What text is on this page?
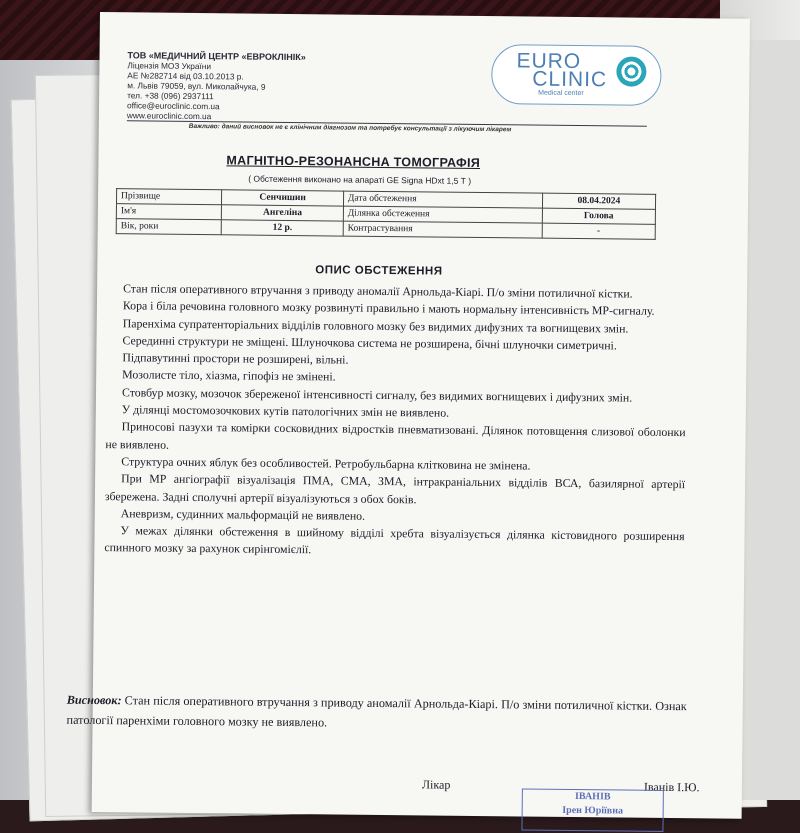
ТОВ «МЕДИЧНИЙ ЦЕНТР «ЕВРОКЛІНІК»
Ліцензія МОЗ України
АЕ №282714 від 03.10.2013 р.
м. Львів 79059, вул. Миколайчука, 9
тел. +38 (096) 2937111
office@euroclinic.com.ua
www.euroclinic.com.ua
EURO
CLINIC
Medical center
Важливо: даний висновок не є клінічним діагнозом та потребує консультації з лікуючим лікарем
МАГНІТНО-РЕЗОНАНСНА ТОМОГРАФІЯ
( Обстеження виконано на апараті GE Signa HDxt 1,5 Т )
Прізвище	Сенчишин	Дата обстеження	08.04.2024
Ім'я	Ангеліна	Ділянка обстеження	Голова
Вік, роки	12 р.	Контрастування	-
ОПИС ОБСТЕЖЕННЯ

Стан після оперативного втручання з приводу аномалії Арнольда-Кіарі. П/о зміни потиличної кістки.

Кора і біла речовина головного мозку розвинуті правильно і мають нормальну інтенсивність МР-сигналу.

Паренхіма супратенторіальних відділів головного мозку без видимих дифузних та вогнищевих змін.

Серединні структури не зміщені. Шлуночкова система не розширена, бічні шлуночки симетричні.

Підпавутинні простори не розширені, вільні.

Мозолисте тіло, хіазма, гіпофіз не змінені.

Стовбур мозку, мозочок збереженої інтенсивності сигналу, без видимих вогнищевих і дифузних змін.

У ділянці мостомозочкових кутів патологічних змін не виявлено.

Приносові пазухи та комірки сосковидних відростків пневматизовані. Ділянок потовщення слизової оболонки не виявлено.

Структура очних яблук без особливостей. Ретробульбарна клітковина не змінена.

При МР ангіографії візуалізація ПМА, СМА, ЗМА, інтракраніальних відділів ВСА, базилярної артерії збережена. Задні сполучні артерії візуалізуються з обох боків.

Аневризм, судинних мальформацій не виявлено.

У межах ділянки обстеження в шийному відділі хребта візуалізується ділянка кістовидного розширення спинного мозку за рахунок сирінгомієлії.

Висновок: Стан після оперативного втручання з приводу аномалії Арнольда-Кіарі. П/о зміни потиличної кістки. Ознак патології паренхіми головного мозку не виявлено.
Лікар	Іванів І.Ю.
ІВАНІВ
Ірен Юріївна
